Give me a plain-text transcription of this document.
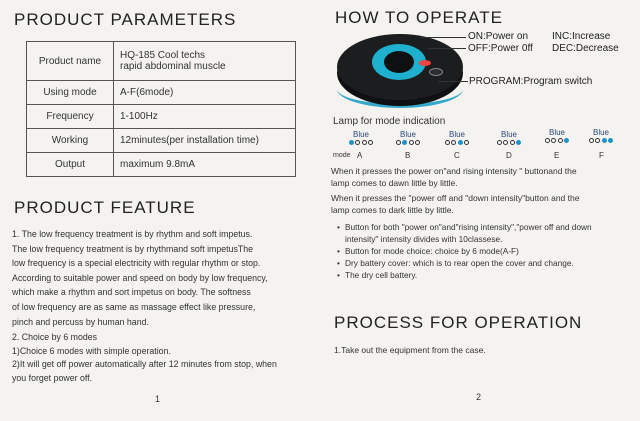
PRODUCT PARAMETERS
Product name	HQ-185 Cool techs
rapid abdominal muscle

Using mode	A-F(6mode)
Frequency	1-100Hz
Working	12minutes(per installation time)
Output	maximum 9.8mA
PRODUCT FEATURE

1. The low frequency treatment is by rhythm and soft impetus.

The low frequency treatment is by rhythmand soft impetusThe

low frequency is a special electricity with regular rhythm or stop.

According to suitable power and speed on body by low frequency,

which make a rhythm and sort impetus on body. The softness

of low frequency are as same as massage effect like pressure,

pinch and percuss by human hand.

2. Choice by 6 modes

1)Choice 6 modes with simple operation.

2)It will get off power automatically after 12 minutes from stop, when

you forget power off.

1
HOW TO OPERATE
ON:Power on INC:Increase
OFF:Power 0ff DEC:Decrease
PROGRAM:Program switch
Lamp for mode indication
Blue	Blue	Blue	Blue	Blue	Blue
mode A	B	C	D	E	F

When it presses the power on"and rising intensity " buttonand the

lamp comes to dawn little by little.

When it presses the "power off and "down intensity"button and the

lamp comes to dark little by little.

• Button for both "power on"and"rising intensity","power off and down
intensity" intensity divides with 10classese.
• Button for mode choice: choice by 6 mode(A-F)
• Dry battery cover: which is to rear open the cover and change.
• The dry cell battery.
PROCESS FOR OPERATION
1.Take out the equipment from the case.
2
